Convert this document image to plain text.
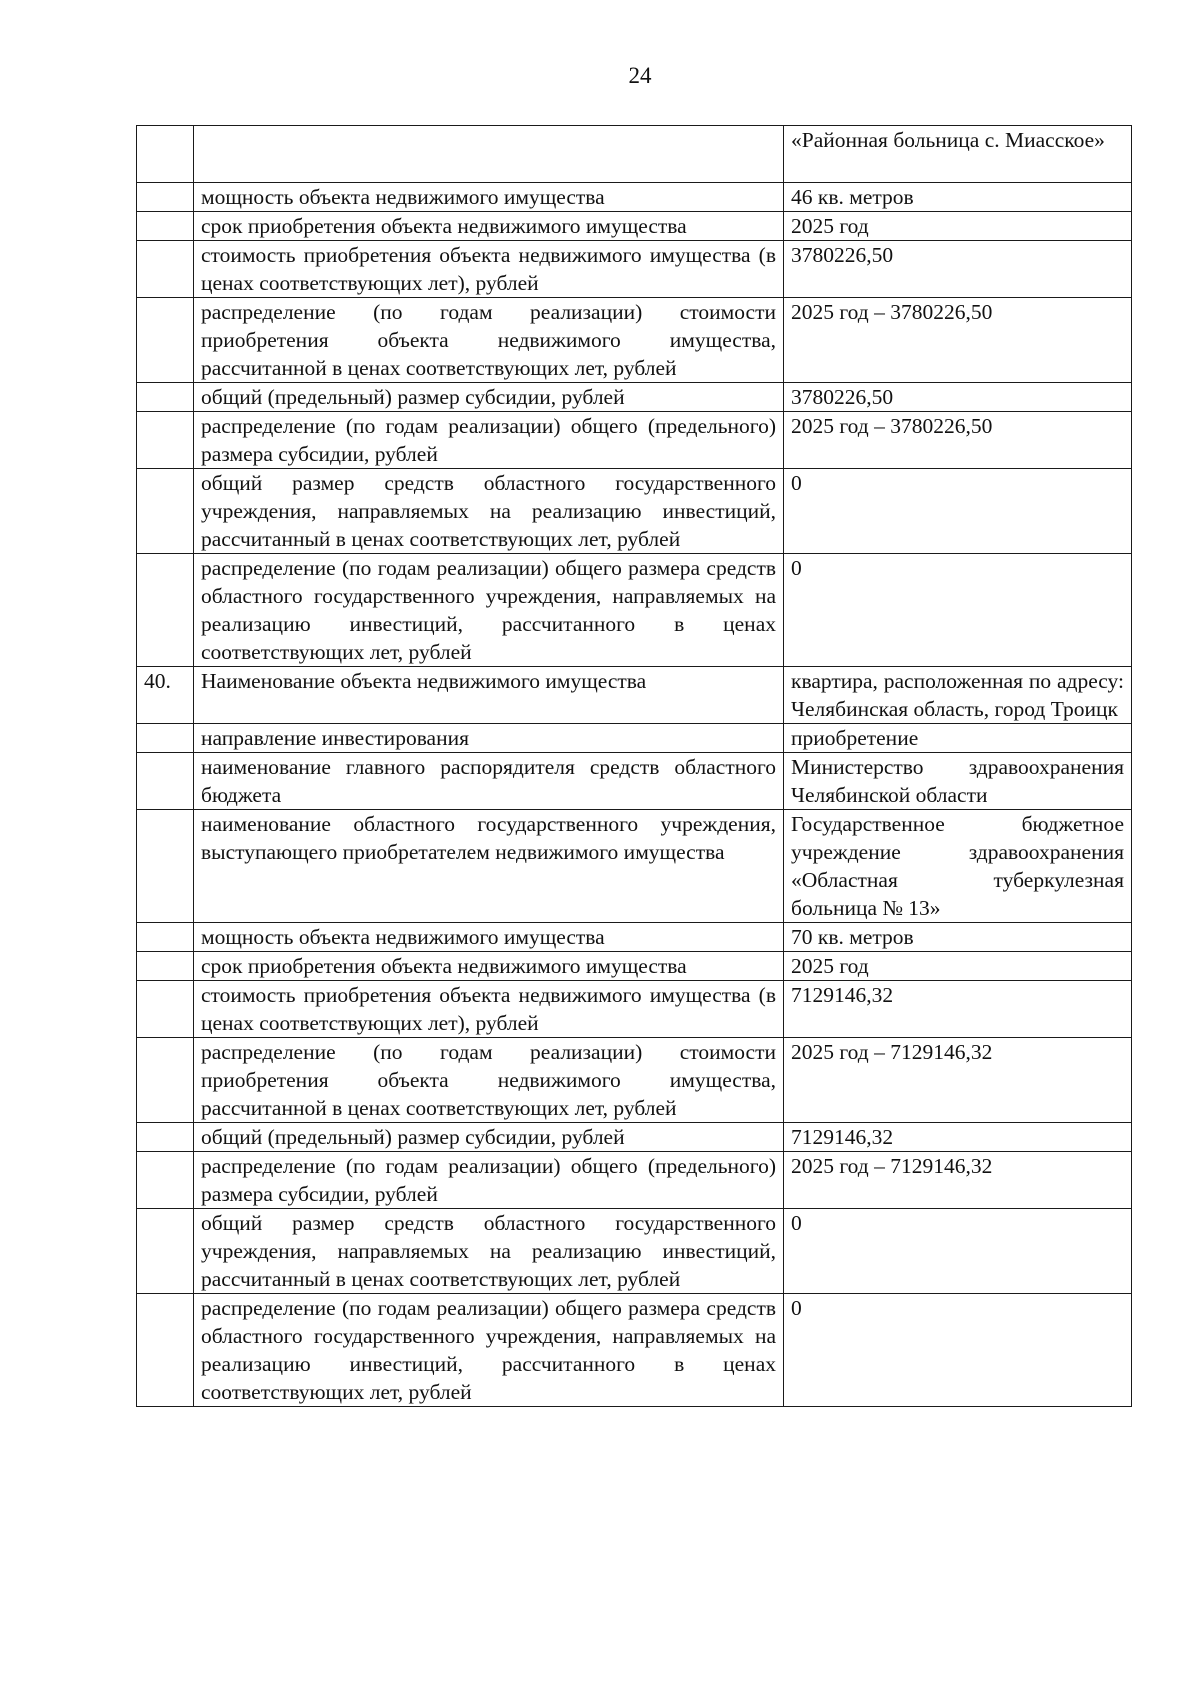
24
		«Районная больница с. Миасское»
	мощность объекта недвижимого имущества	46 кв. метров
	срок приобретения объекта недвижимого имущества	2025 год
	стоимость приобретения объекта недвижимого имущества (в ценах соответствующих лет), рублей	3780226,50
	распределение (по годам реализации) стоимости приобретения объекта недвижимого имущества, рассчитанной в ценах соответствующих лет, рублей	2025 год – 3780226,50
	общий (предельный) размер субсидии, рублей	3780226,50
	распределение (по годам реализации) общего (предельного) размера субсидии, рублей	2025 год – 3780226,50
	общий размер средств областного государственного учреждения, направляемых на реализацию инвестиций, рассчитанный в ценах соответствующих лет, рублей	0
	распределение (по годам реализации) общего размера средств областного государственного учреждения, направляемых на реализацию инвестиций, рассчитанного в ценах соответствующих лет, рублей	0
40.	Наименование объекта недвижимого имущества	квартира, расположенная по адресу: Челябинская область, город Троицк
	направление инвестирования	приобретение
	наименование главного распорядителя средств областного бюджета	Министерство здравоохранения Челябинской области
	наименование областного государственного учреждения, выступающего приобретателем недвижимого имущества	Государственное бюджетное учреждение здравоохранения «Областная туберкулезная больница № 13»
	мощность объекта недвижимого имущества	70 кв. метров
	срок приобретения объекта недвижимого имущества	2025 год
	стоимость приобретения объекта недвижимого имущества (в ценах соответствующих лет), рублей	7129146,32
	распределение (по годам реализации) стоимости приобретения объекта недвижимого имущества, рассчитанной в ценах соответствующих лет, рублей	2025 год – 7129146,32
	общий (предельный) размер субсидии, рублей	7129146,32
	распределение (по годам реализации) общего (предельного) размера субсидии, рублей	2025 год – 7129146,32
	общий размер средств областного государственного учреждения, направляемых на реализацию инвестиций, рассчитанный в ценах соответствующих лет, рублей	0
	распределение (по годам реализации) общего размера средств областного государственного учреждения, направляемых на реализацию инвестиций, рассчитанного в ценах соответствующих лет, рублей	0
